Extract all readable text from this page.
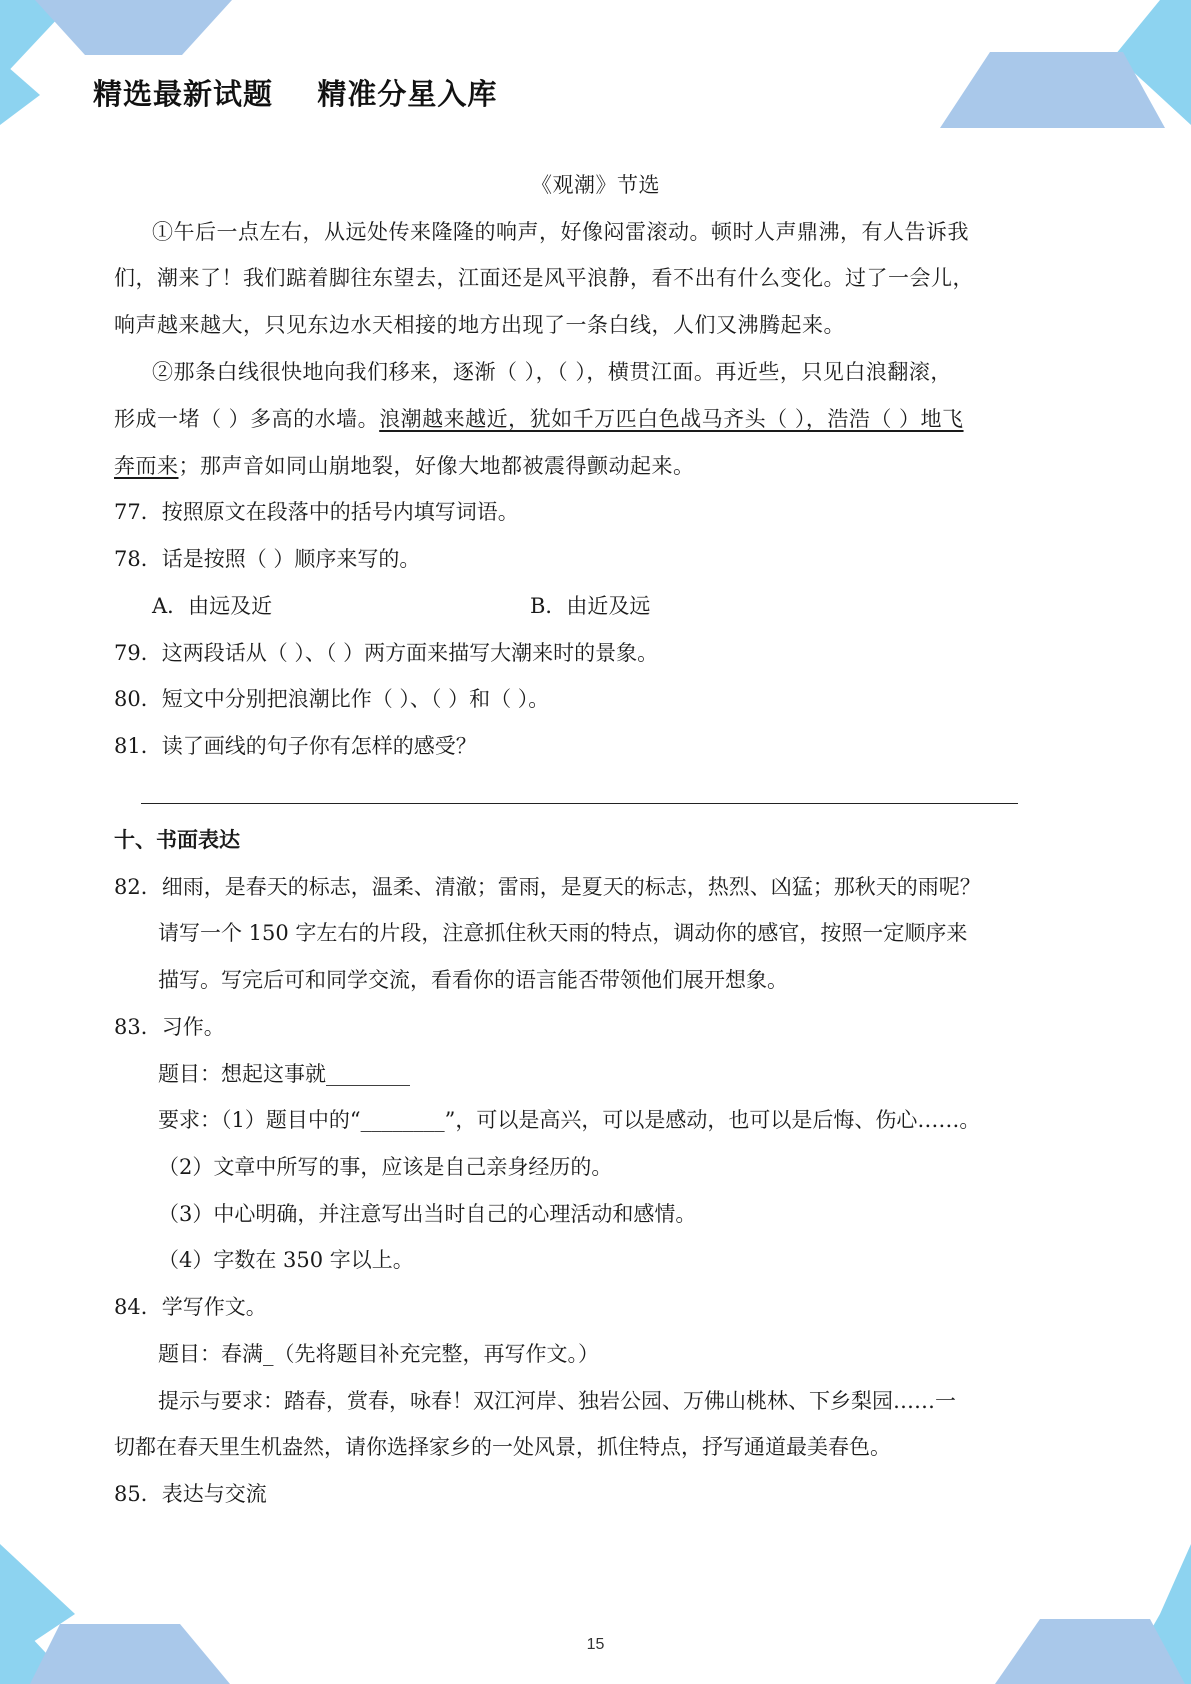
精选最新试题    精准分星入库
《观潮》节选
①午后一点左右，从远处传来隆隆的响声，好像闷雷滚动。顿时人声鼎沸，有人告诉我
们，潮来了！我们踮着脚往东望去，江面还是风平浪静，看不出有什么变化。过了一会儿，
响声越来越大，只见东边水天相接的地方出现了一条白线，人们又沸腾起来。
②那条白线很快地向我们移来，逐渐（ ），（ ），横贯江面。再近些，只见白浪翻滚，
形成一堵（ ）多高的水墙。浪潮越来越近，犹如千万匹白色战马齐头（ ），浩浩（ ）地飞
奔而来；那声音如同山崩地裂，好像大地都被震得颤动起来。
77．按照原文在段落中的括号内填写词语。
78．话是按照（ ）顺序来写的。
A．由远及近	B．由近及远
79．这两段话从（ ）、（ ）两方面来描写大潮来时的景象。
80．短文中分别把浪潮比作（ ）、（ ）和（ ）。
81．读了画线的句子你有怎样的感受？
十、书面表达
82．细雨，是春天的标志，温柔、清澈；雷雨，是夏天的标志，热烈、凶猛；那秋天的雨呢？
请写一个 150 字左右的片段，注意抓住秋天雨的特点，调动你的感官，按照一定顺序来
描写。写完后可和同学交流，看看你的语言能否带领他们展开想象。
83．习作。
题目：想起这事就________
要求：（1）题目中的“________”，可以是高兴，可以是感动，也可以是后悔、伤心……。
（2）文章中所写的事，应该是自己亲身经历的。
（3）中心明确，并注意写出当时自己的心理活动和感情。
（4）字数在 350 字以上。
84．学写作文。
题目：春满_（先将题目补充完整，再写作文。）
提示与要求：踏春，赏春，咏春！双江河岸、独岩公园、万佛山桃林、下乡梨园……一
切都在春天里生机盎然，请你选择家乡的一处风景，抓住特点，抒写通道最美春色。
85．表达与交流
15
